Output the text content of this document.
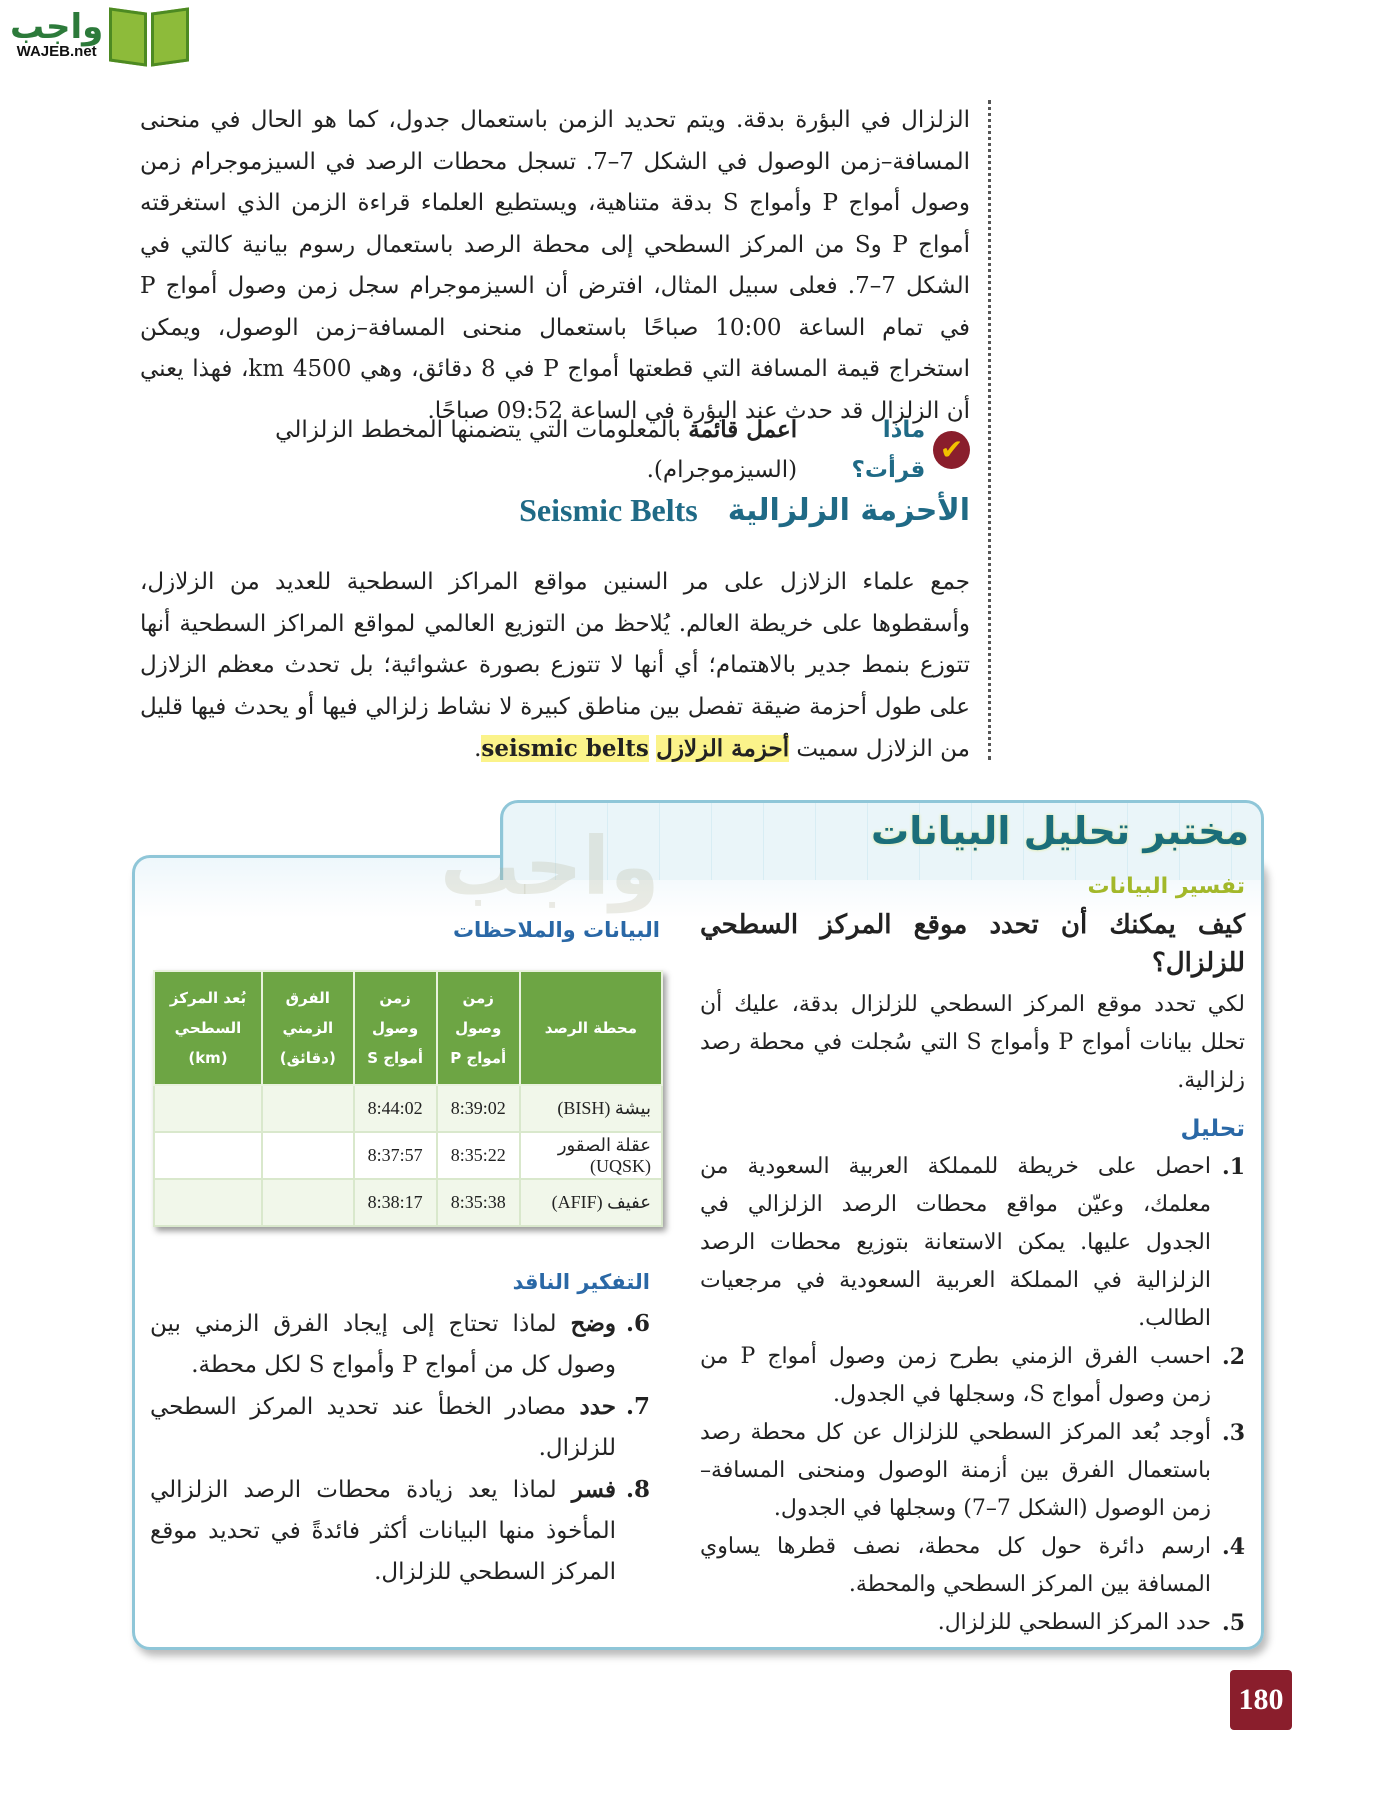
واجب
WAJEB.net

الزلزال في البؤرة بدقة. ويتم تحديد الزمن باستعمال جدول، كما هو الحال في منحنى المسافة–زمن الوصول في الشكل 7–7. تسجل محطات الرصد في السيزموجرام زمن وصول أمواج P وأمواج S بدقة متناهية، ويستطيع العلماء قراءة الزمن الذي استغرقته أمواج P وS من المركز السطحي إلى محطة الرصد باستعمال رسوم بيانية كالتي في الشكل 7–7. فعلى سبيل المثال، افترض أن السيزموجرام سجل زمن وصول أمواج P في تمام الساعة 10:00 صباحًا باستعمال منحنى المسافة–زمن الوصول، ويمكن استخراج قيمة المسافة التي قطعتها أمواج P في 8 دقائق، وهي 4500 km، فهذا يعني أن الزلزال قد حدث عند البؤرة في الساعة 09:52 صباحًا.

✔
ماذا قرأت؟
اعمل قائمة بالمعلومات التي يتضمنها المخطط الزلزالي (السيزموجرام).
الأحزمة الزلزالية
Seismic Belts

جمع علماء الزلازل على مر السنين مواقع المراكز السطحية للعديد من الزلازل، وأسقطوها على خريطة العالم. يُلاحظ من التوزيع العالمي لمواقع المراكز السطحية أنها تتوزع بنمط جدير بالاهتمام؛ أي أنها لا تتوزع بصورة عشوائية؛ بل تحدث معظم الزلازل على طول أحزمة ضيقة تفصل بين مناطق كبيرة لا نشاط زلزالي فيها أو يحدث فيها قليل من الزلازل سميت أحزمة الزلازل seismic belts.

مختبر تحليل البيانات
واجب	تفسير البيانات
كيف يمكنك أن تحدد موقع المركز السطحي للزلزال؟

لكي تحدد موقع المركز السطحي للزلزال بدقة، عليك أن تحلل بيانات أمواج P وأمواج S التي سُجلت في محطة رصد زلزالية.

تحليل
1.
احصل على خريطة للمملكة العربية السعودية من معلمك، وعيّن مواقع محطات الرصد الزلزالي في الجدول عليها. يمكن الاستعانة بتوزيع محطات الرصد الزلزالية في المملكة العربية السعودية في مرجعيات الطالب.
2.
احسب الفرق الزمني بطرح زمن وصول أمواج P من زمن وصول أمواج S، وسجلها في الجدول.
3.
أوجد بُعد المركز السطحي للزلزال عن كل محطة رصد باستعمال الفرق بين أزمنة الوصول ومنحنى المسافة–زمن الوصول (الشكل 7–7) وسجلها في الجدول.
4.
ارسم دائرة حول كل محطة، نصف قطرها يساوي المسافة بين المركز السطحي والمحطة.
5.
حدد المركز السطحي للزلزال.
البيانات والملاحظات
محطة الرصد	زمن وصول أمواج P	زمن وصول أمواج S	الفرق الزمني (دقائق)	بُعد المركز السطحي (km)
بيشة (BISH)	8:39:02	8:44:02		
عقلة الصقور (UQSK)	8:35:22	8:37:57		
عفيف (AFIF)	8:35:38	8:38:17		
التفكير الناقد
6.
وضح لماذا تحتاج إلى إيجاد الفرق الزمني بين وصول كل من أمواج P وأمواج S لكل محطة.
7.
حدد مصادر الخطأ عند تحديد المركز السطحي للزلزال.
8.
فسر لماذا يعد زيادة محطات الرصد الزلزالي المأخوذ منها البيانات أكثر فائدةً في تحديد موقع المركز السطحي للزلزال.
180
